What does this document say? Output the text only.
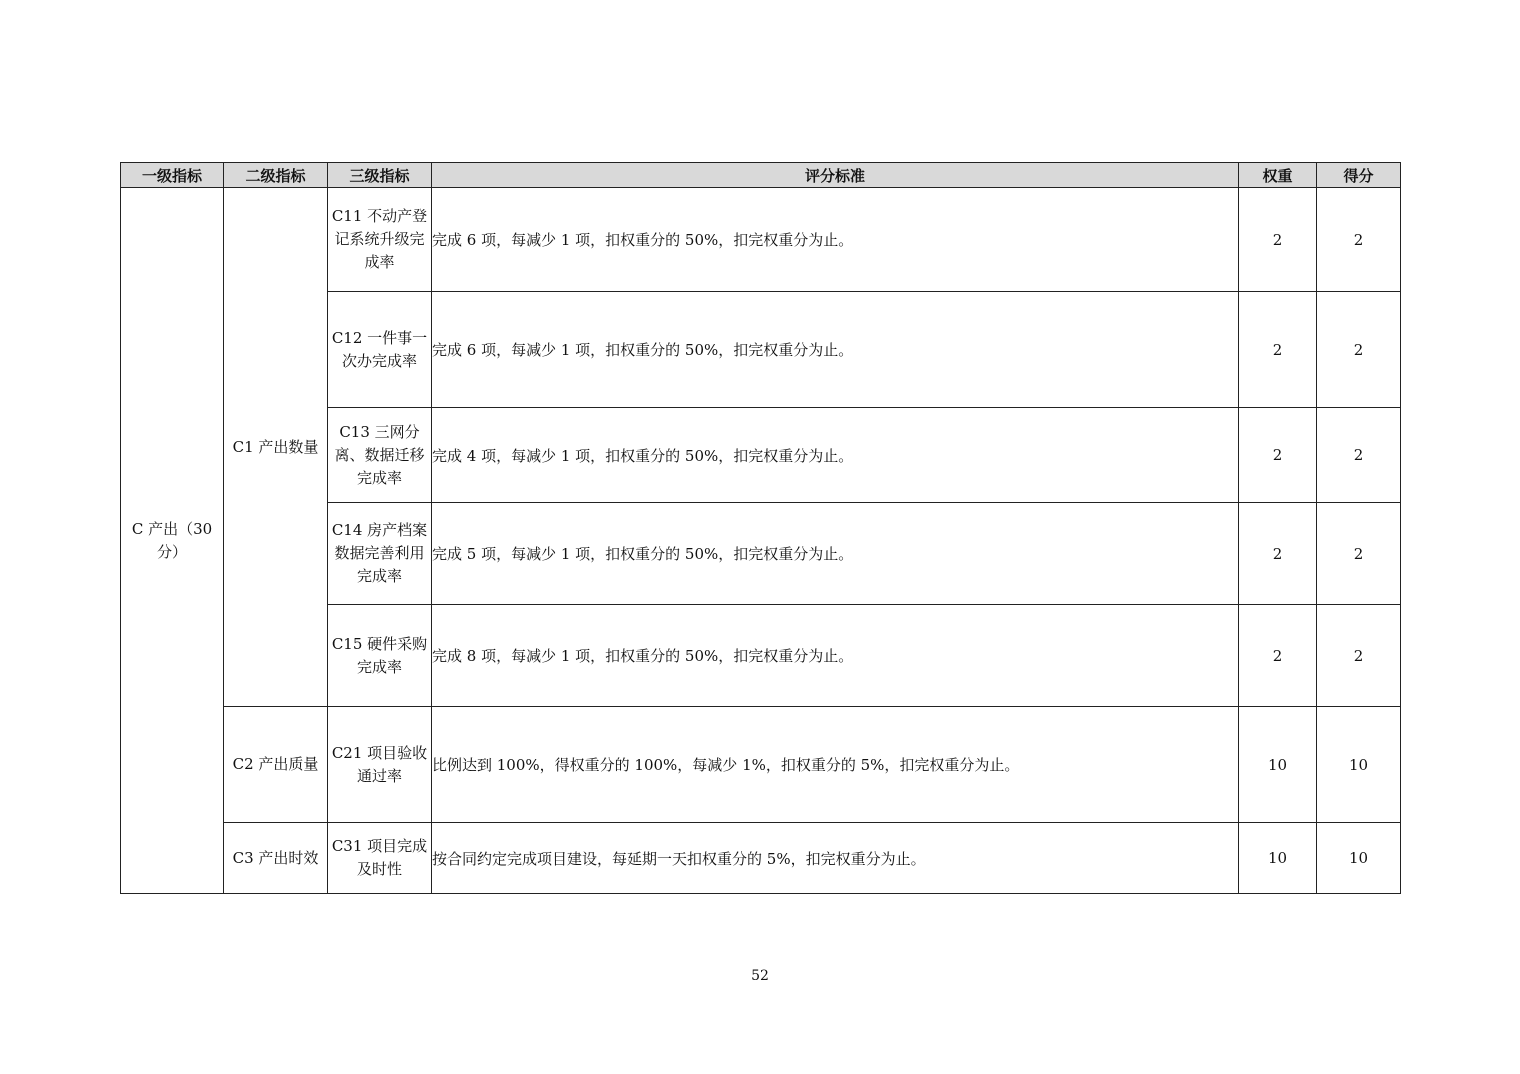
一级指标	二级指标	三级指标	评分标准	权重	得分
C 产出（30 分）	C1 产出数量	C11 不动产登记系统升级完成率	完成 6 项，每减少 1 项，扣权重分的 50%，扣完权重分为止。	2	2
		C12 一件事一次办完成率	完成 6 项，每减少 1 项，扣权重分的 50%，扣完权重分为止。	2	2
		C13 三网分离、数据迁移完成率	完成 4 项，每减少 1 项，扣权重分的 50%，扣完权重分为止。	2	2
		C14 房产档案数据完善利用完成率	完成 5 项，每减少 1 项，扣权重分的 50%，扣完权重分为止。	2	2
		C15 硬件采购完成率	完成 8 项，每减少 1 项，扣权重分的 50%，扣完权重分为止。	2	2
	C2 产出质量	C21 项目验收通过率	比例达到 100%，得权重分的 100%，每减少 1%，扣权重分的 5%，扣完权重分为止。	10	10
	C3 产出时效	C31 项目完成及时性	按合同约定完成项目建设，每延期一天扣权重分的 5%，扣完权重分为止。	10	10
52
